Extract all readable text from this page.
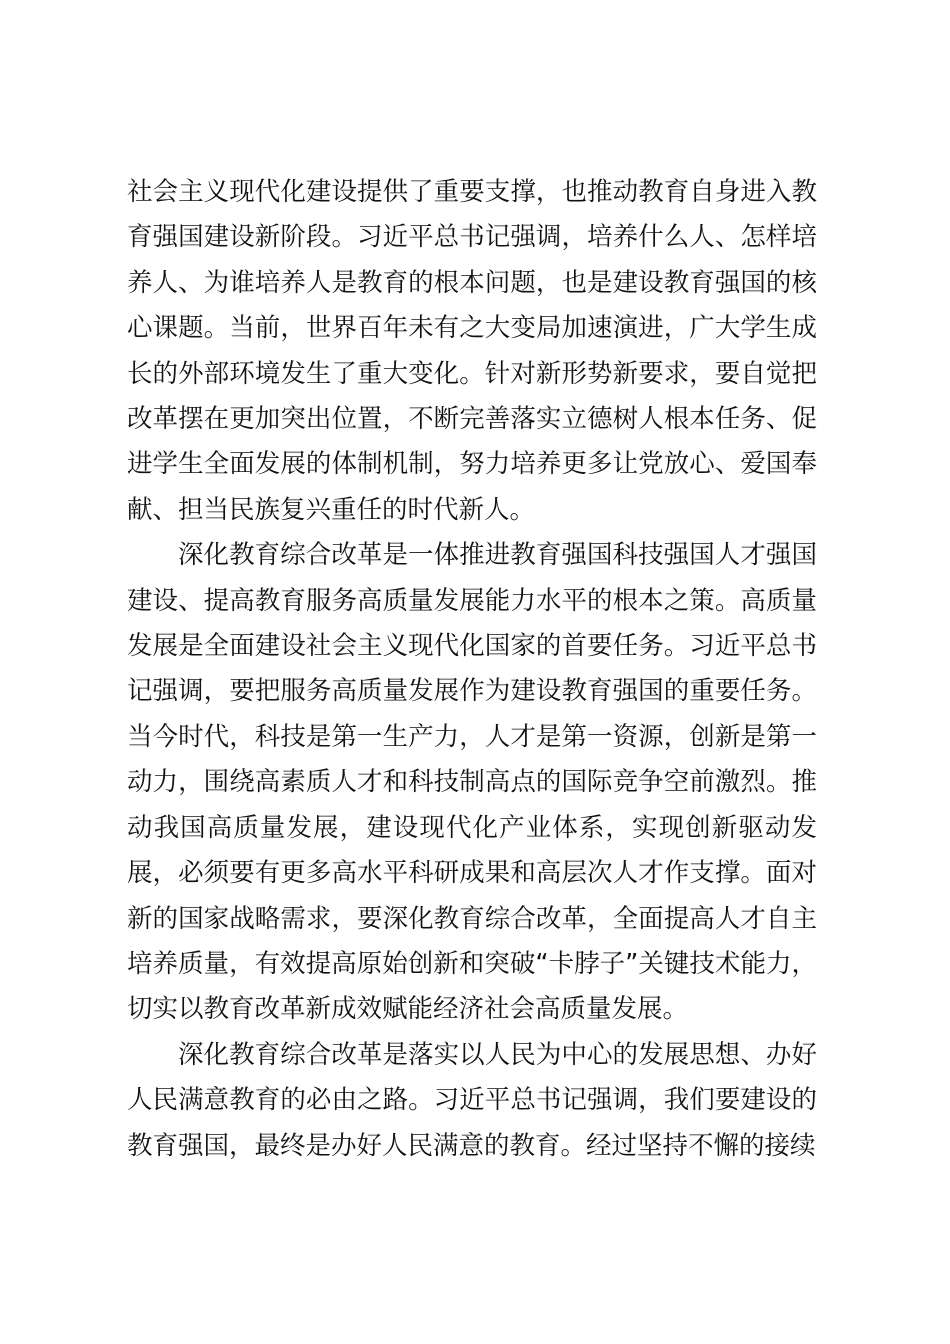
社会主义现代化建设提供了重要支撑，也推动教育自身进入教育强国建设新阶段。习近平总书记强调，培养什么人、怎样培养人、为谁培养人是教育的根本问题，也是建设教育强国的核心课题。当前，世界百年未有之大变局加速演进，广大学生成长的外部环境发生了重大变化。针对新形势新要求，要自觉把改革摆在更加突出位置，不断完善落实立德树人根本任务、促进学生全面发展的体制机制，努力培养更多让党放心、爱国奉献、担当民族复兴重任的时代新人。

深化教育综合改革是一体推进教育强国科技强国人才强国建设、提高教育服务高质量发展能力水平的根本之策。高质量发展是全面建设社会主义现代化国家的首要任务。习近平总书记强调，要把服务高质量发展作为建设教育强国的重要任务。当今时代，科技是第一生产力，人才是第一资源，创新是第一动力，围绕高素质人才和科技制高点的国际竞争空前激烈。推动我国高质量发展，建设现代化产业体系，实现创新驱动发展，必须要有更多高水平科研成果和高层次人才作支撑。面对新的国家战略需求，要深化教育综合改革，全面提高人才自主培养质量，有效提高原始创新和突破“卡脖子”关键技术能力，切实以教育改革新成效赋能经济社会高质量发展。

深化教育综合改革是落实以人民为中心的发展思想、办好人民满意教育的必由之路。习近平总书记强调，我们要建设的教育强国，最终是办好人民满意的教育。经过坚持不懈的接续
